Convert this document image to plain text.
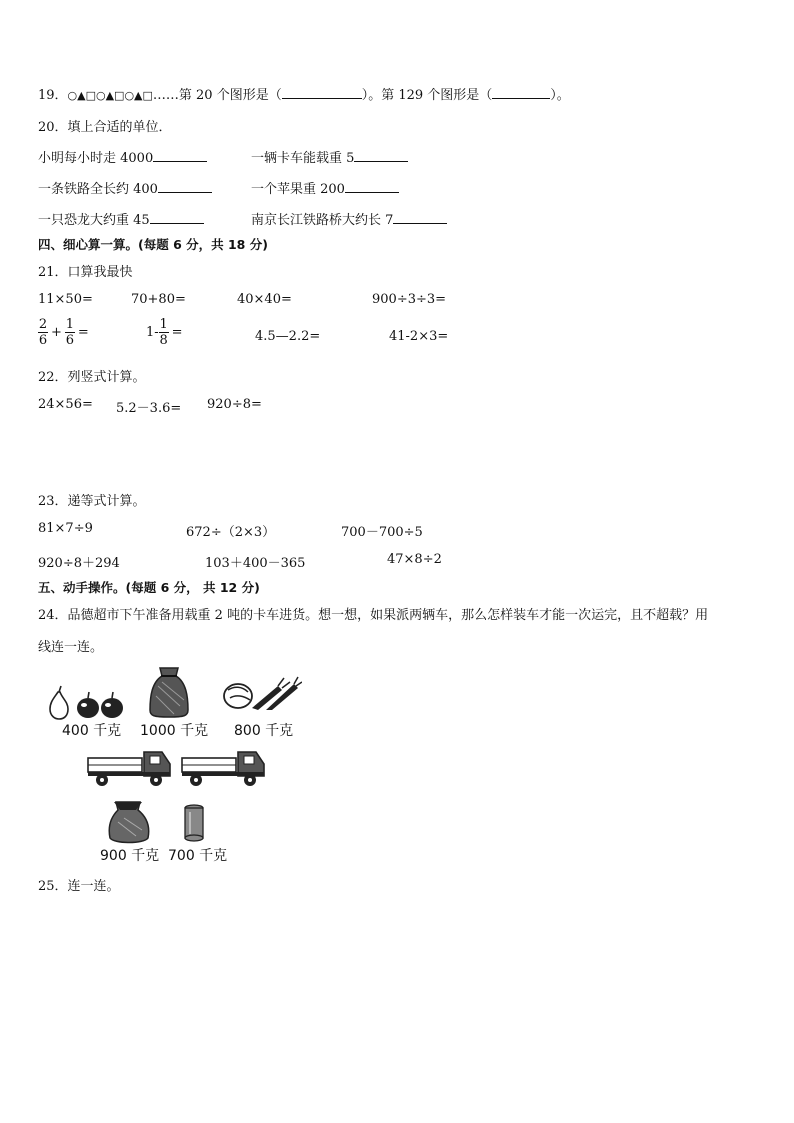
19．○▲□○▲□○▲□……第 20 个图形是（	）。第 129 个图形是（	）。
20．填上合适的单位．
小明每小时走 4000	一辆卡车能载重 5
一条铁路全长约 400	一个苹果重 200
一只恐龙大约重 45	南京长江铁路桥大约长 7
四、细心算一算。(每题 6 分，共 18 分)
21．口算我最快
11×50=	70+80=	40×40=	900÷3÷3=
$\frac{2}{6} + \frac{1}{6}$ =	$1- \frac{1}{8}$ =	4.5—2.2=	41-2×3=
22．列竖式计算。
24×56= 5.2－3.6= 920÷8=
23．递等式计算。
81×7÷9	672÷（2×3）	700－700÷5
920÷8＋294	103＋400－365	47×8÷2
五、动手操作。(每题 6 分， 共 12 分)
24．品德超市下午准备用载重 2 吨的卡车进货。想一想，如果派两辆车，那么怎样装车才能一次运完，且不超载？用
线连一连。
400 千克 1000 千克 800 千克
900 千克 700 千克
25．连一连。
